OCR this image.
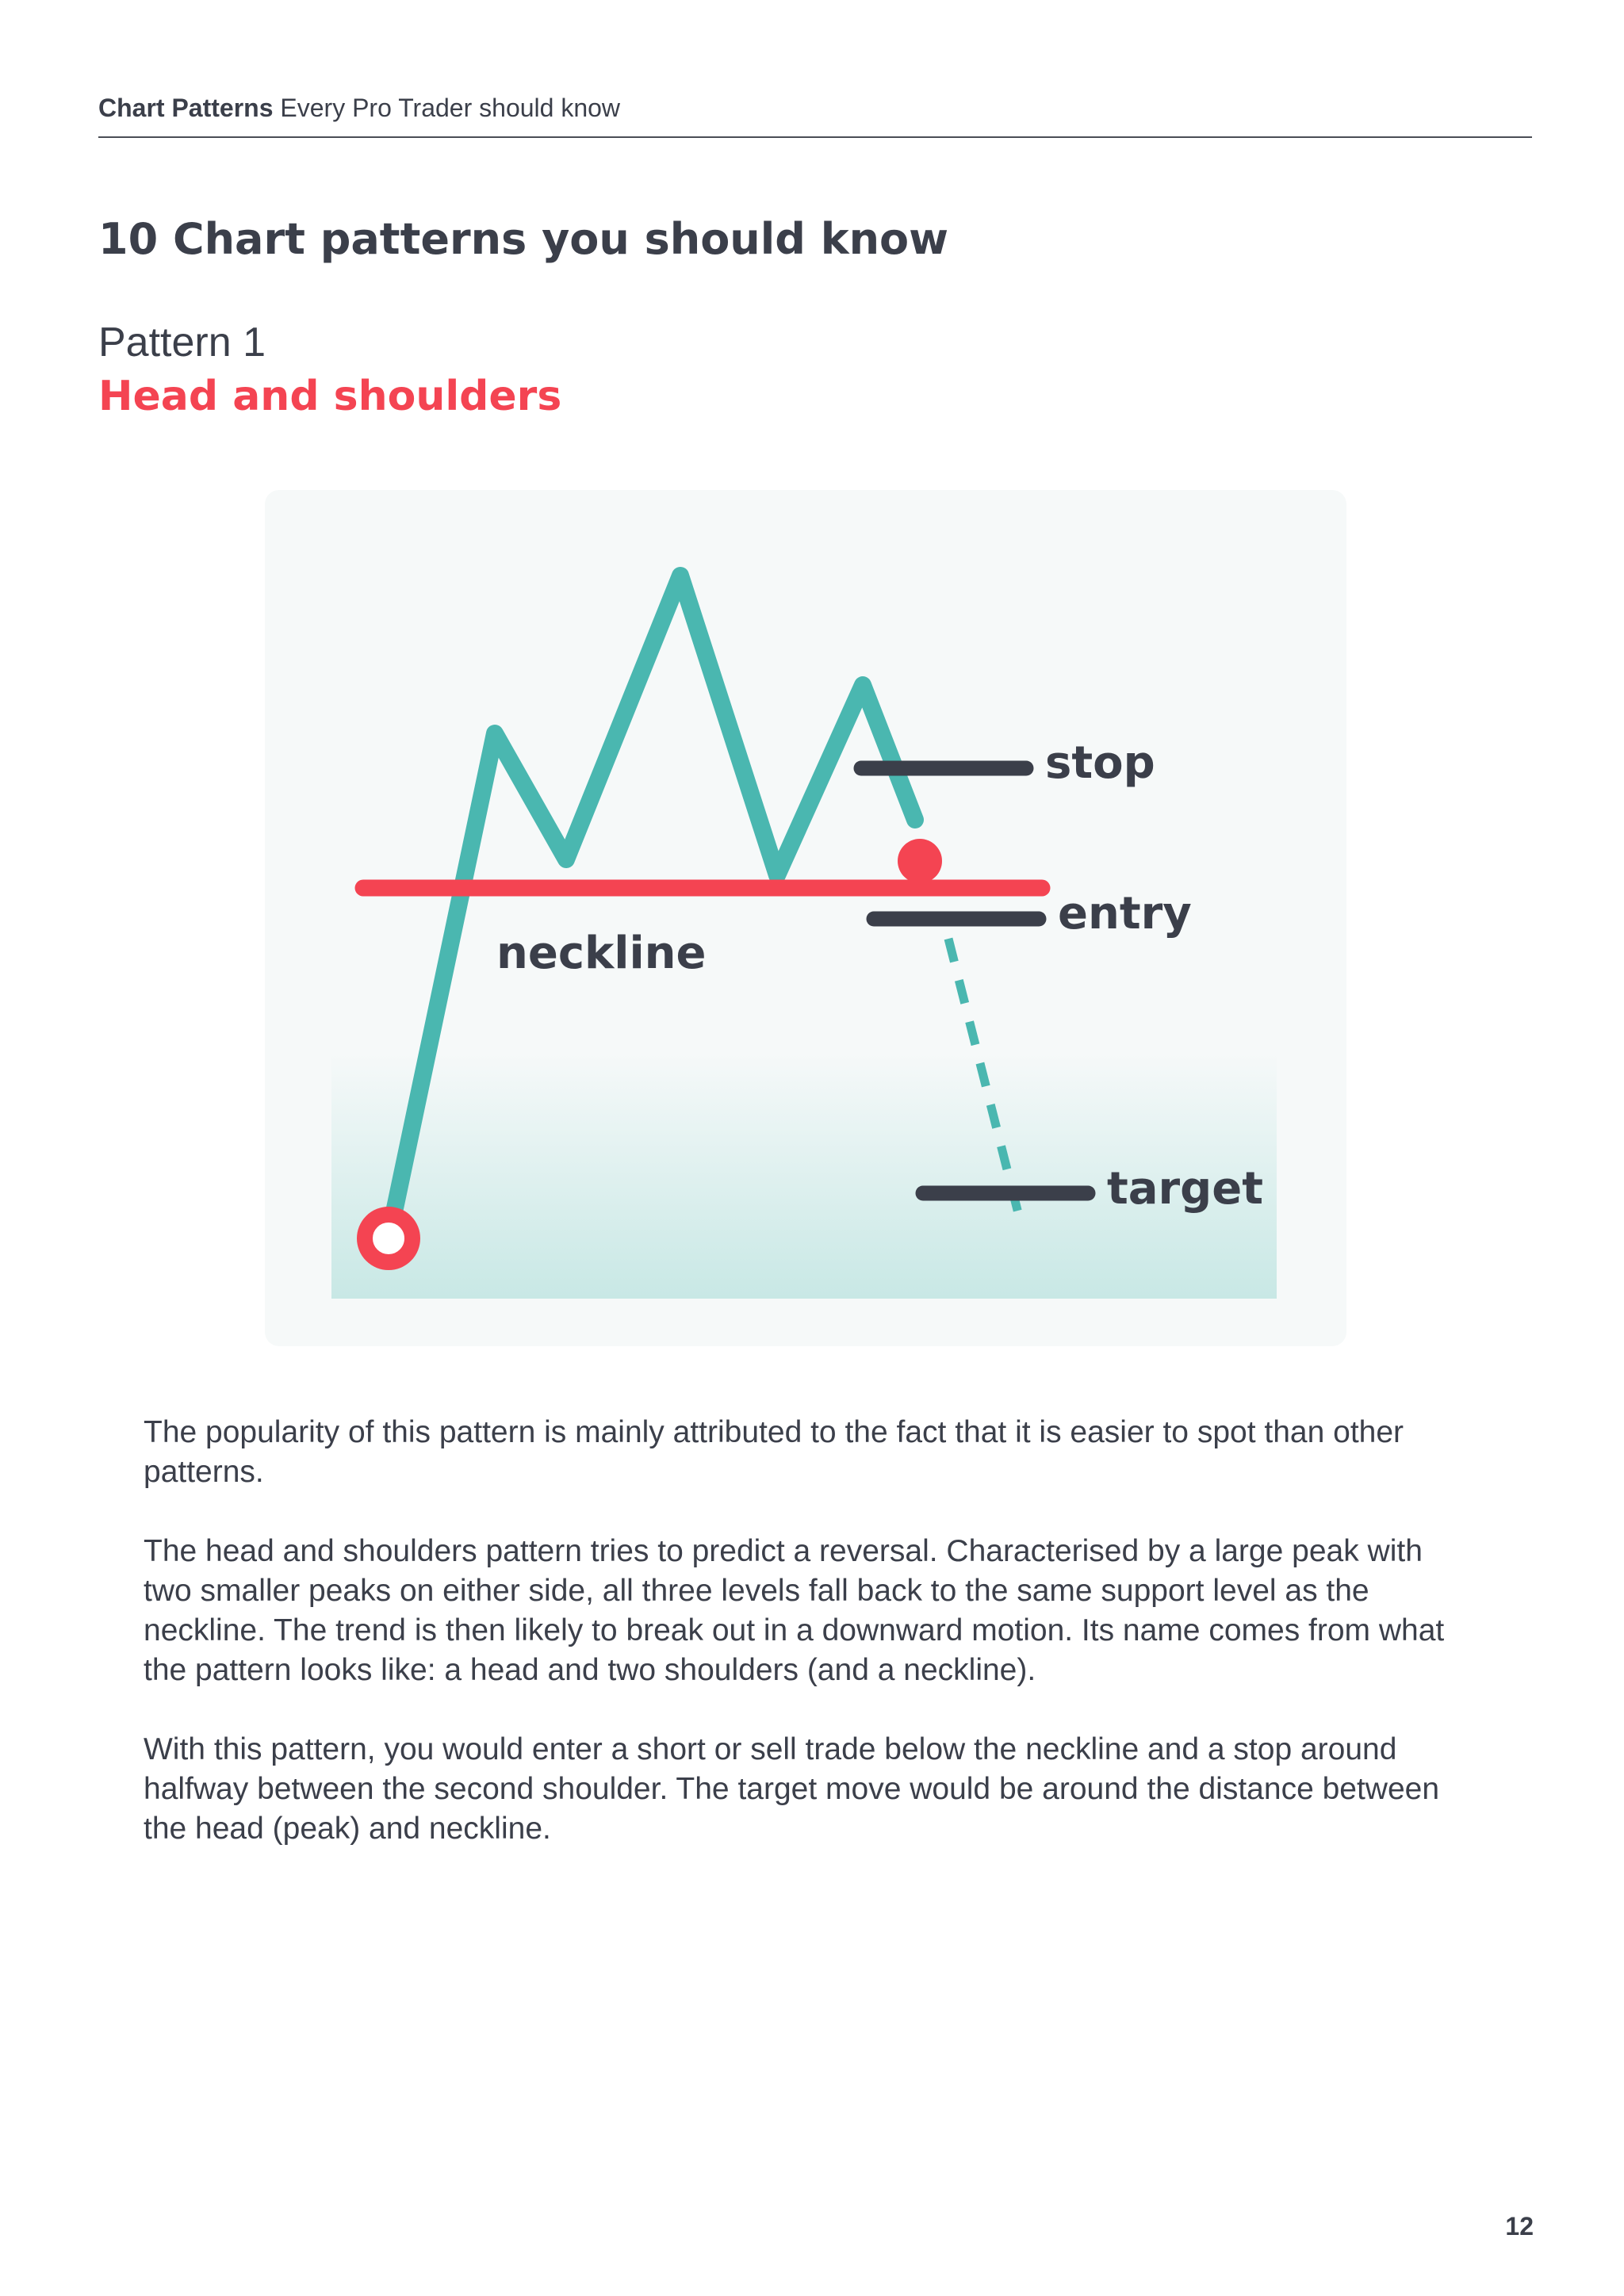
Chart Patterns Every Pro Trader should know
10 Chart patterns you should know
Pattern 1
Head and shoulders
stop
entry
neckline
target

The popularity of this pattern is mainly attributed to the fact that it is easier to spot than other patterns.

The head and shoulders pattern tries to predict a reversal. Characterised by a large peak with two smaller peaks on either side, all three levels fall back to the same support level as the neckline. The trend is then likely to break out in a downward motion. Its name comes from what the pattern looks like: a head and two shoulders (and a neckline).

With this pattern, you would enter a short or sell trade below the neckline and a stop around halfway between the second shoulder. The target move would be around the distance between the head (peak) and neckline.

12
